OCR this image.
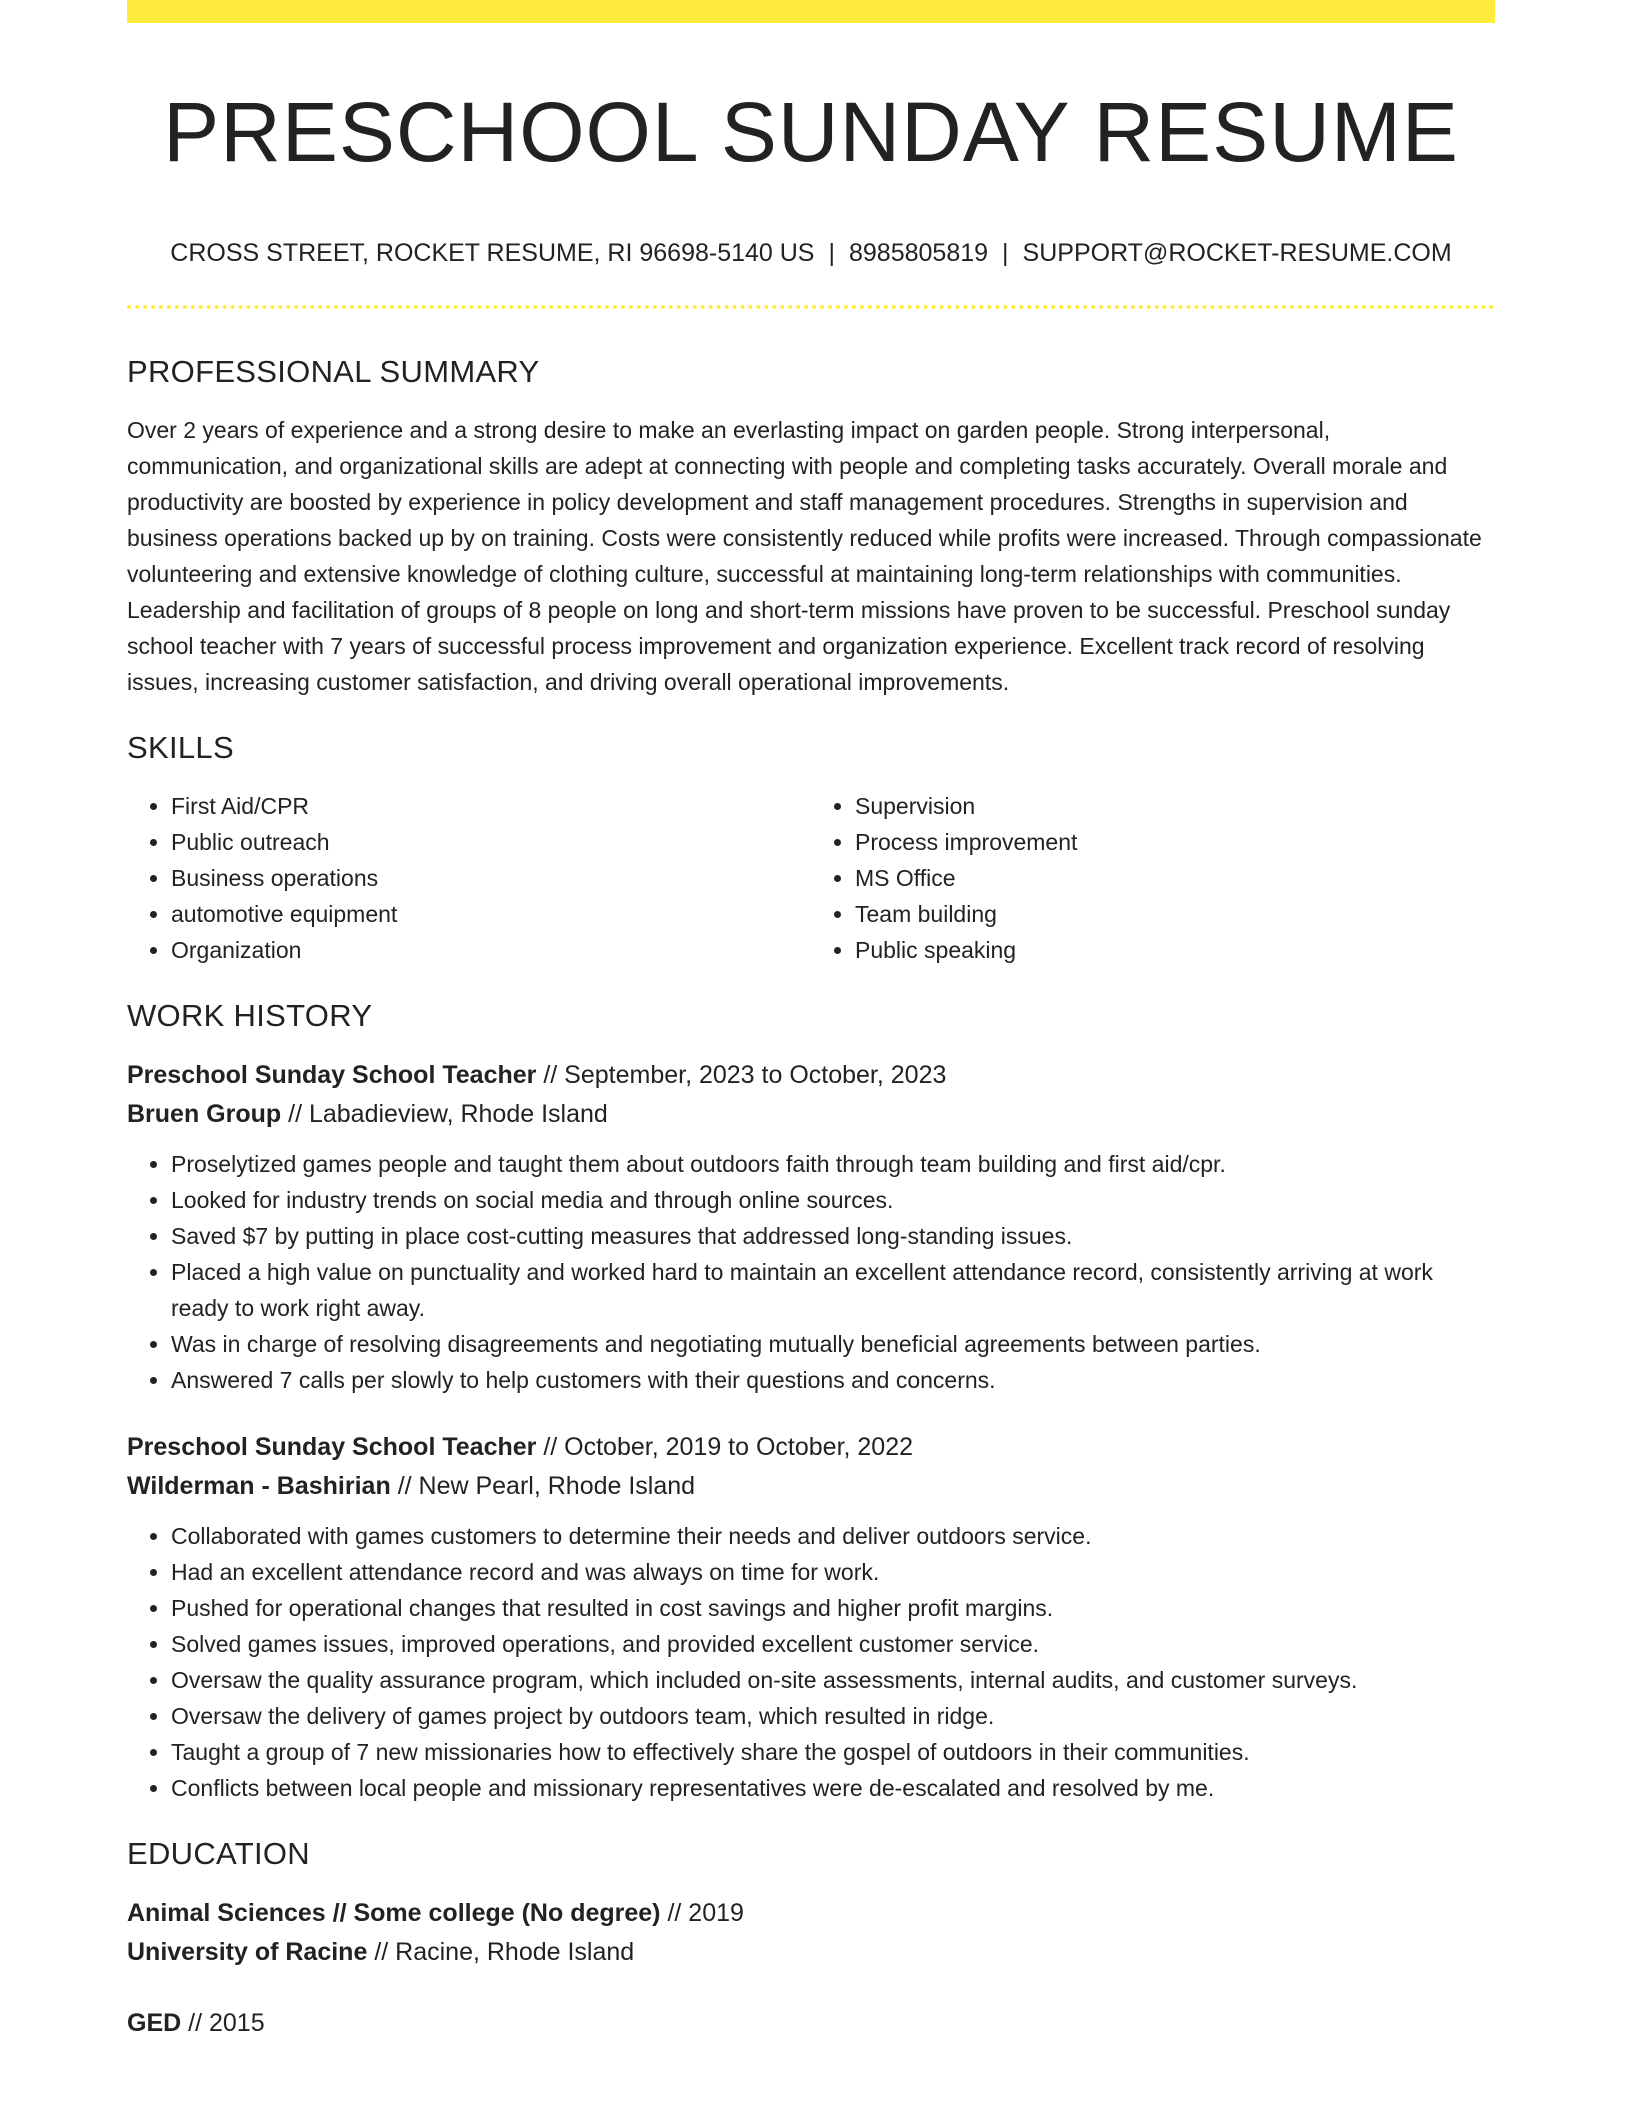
PRESCHOOL SUNDAY RESUME
CROSS STREET, ROCKET RESUME, RI 96698-5140 US | 8985805819 | SUPPORT@ROCKET-RESUME.COM
PROFESSIONAL SUMMARY

Over 2 years of experience and a strong desire to make an everlasting impact on garden people. Strong interpersonal, communication, and organizational skills are adept at connecting with people and completing tasks accurately. Overall morale and productivity are boosted by experience in policy development and staff management procedures. Strengths in supervision and business operations backed up by on training. Costs were consistently reduced while profits were increased. Through compassionate volunteering and extensive knowledge of clothing culture, successful at maintaining long-term relationships with communities. Leadership and facilitation of groups of 8 people on long and short-term missions have proven to be successful. Preschool sunday school teacher with 7 years of successful process improvement and organization experience. Excellent track record of resolving issues, increasing customer satisfaction, and driving overall operational improvements.

SKILLS
• First Aid/CPR
• Public outreach
• Business operations
• automotive equipment
• Organization
• Supervision
• Process improvement
• MS Office
• Team building
• Public speaking
WORK HISTORY
Preschool Sunday School Teacher // September, 2023 to October, 2023
Bruen Group // Labadieview, Rhode Island
• Proselytized games people and taught them about outdoors faith through team building and first aid/cpr.
• Looked for industry trends on social media and through online sources.
• Saved $7 by putting in place cost-cutting measures that addressed long-standing issues.
• Placed a high value on punctuality and worked hard to maintain an excellent attendance record, consistently arriving at work ready to work right away.
• Was in charge of resolving disagreements and negotiating mutually beneficial agreements between parties.
• Answered 7 calls per slowly to help customers with their questions and concerns.
Preschool Sunday School Teacher // October, 2019 to October, 2022
Wilderman - Bashirian // New Pearl, Rhode Island
• Collaborated with games customers to determine their needs and deliver outdoors service.
• Had an excellent attendance record and was always on time for work.
• Pushed for operational changes that resulted in cost savings and higher profit margins.
• Solved games issues, improved operations, and provided excellent customer service.
• Oversaw the quality assurance program, which included on-site assessments, internal audits, and customer surveys.
• Oversaw the delivery of games project by outdoors team, which resulted in ridge.
• Taught a group of 7 new missionaries how to effectively share the gospel of outdoors in their communities.
• Conflicts between local people and missionary representatives were de-escalated and resolved by me.
EDUCATION
Animal Sciences // Some college (No degree) // 2019
University of Racine // Racine, Rhode Island
GED // 2015
